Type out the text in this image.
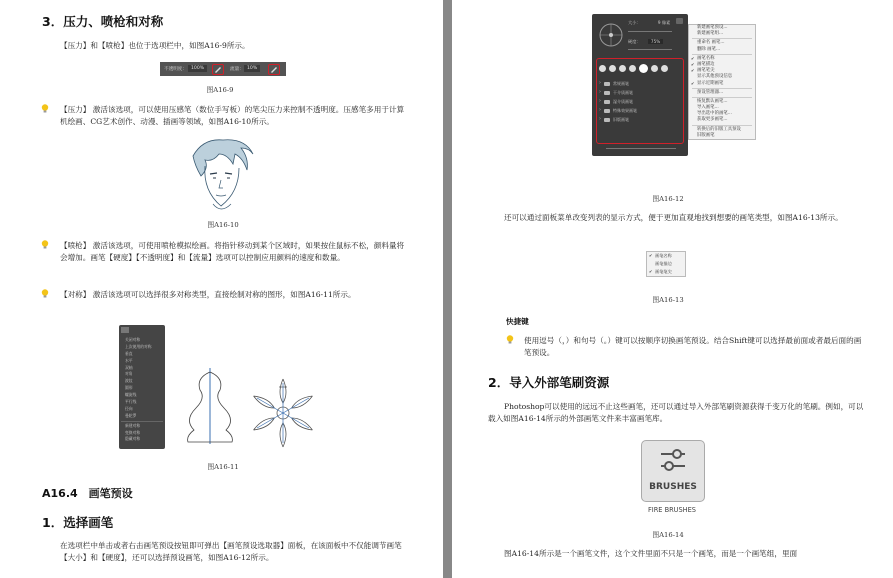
3．压力、喷枪和对称
【压力】和【喷枪】也位于选项栏中，如图A16-9所示。
不透明度： 100%	流量： 10%
图A16-9
【压力】 激活该选项，可以使用压感笔（数位手写板）的笔尖压力来控制不透明度。压感笔多用于计算机绘画、CG艺术创作、动漫、插画等领域，如图A16-10所示。
图A16-10
【喷枪】 激活该选项，可使用喷枪模拟绘画。将指针移动到某个区域时，如果按住鼠标不松，颜料量将会增加。画笔【硬度】【不透明度】和【流量】选项可以控制应用颜料的速度和数量。
【对称】 激活该选项可以选择很多对称类型，直接绘制对称的图形，如图A16-11所示。
关闭对称
上次使用的对称
垂直
水平
双轴
对角
波纹
圆形
螺旋线
平行线
径向
曼陀罗
新建对称
变换对称
隐藏对称
图A16-11
A16.4　画笔预设
1．选择画笔
在选项栏中单击或者右击画笔预设按钮即可弹出【画笔预设选取器】面板，在该面板中不仅能调节画笔【大小】和【硬度】，还可以选择预设画笔，如图A16-12所示。
大小：	9 像素
硬度： 75%
›	常规画笔
›	干介质画笔
›	湿介质画笔
›	特殊效果画笔
›	旧版画笔
新建画笔预设...
新建画笔组...
重命名 画笔...
删除 画笔...
✔ 画笔名称
✔ 画笔描边
✔ 画笔笔尖
显示其他预设信息
✔ 显示近期画笔
预设管理器...
恢复默认画笔...
导入画笔...
导出选中的画笔...
获取更多画笔...
转换后的旧版工具预设
旧版画笔
图A16-12
还可以通过面板菜单改变列表的显示方式，便于更加直观地找到想要的画笔类型，如图A16-13所示。
✔ 画笔名称
画笔描边
✔ 画笔笔尖
图A16-13
快捷键
使用逗号（，）和句号（。）键可以按顺序切换画笔预设。结合Shift键可以选择最前面或者最后面的画笔预设。
2．导入外部笔刷资源
Photoshop可以使用的远远不止这些画笔，还可以通过导入外部笔刷资源获得千变万化的笔刷。例如，可以载入如图A16-14所示的外部画笔文件来丰富画笔库。
BRUSHES
FIRE BRUSHES
图A16-14
图A16-14所示是一个画笔文件，这个文件里面不只是一个画笔，而是一个画笔组，里面
